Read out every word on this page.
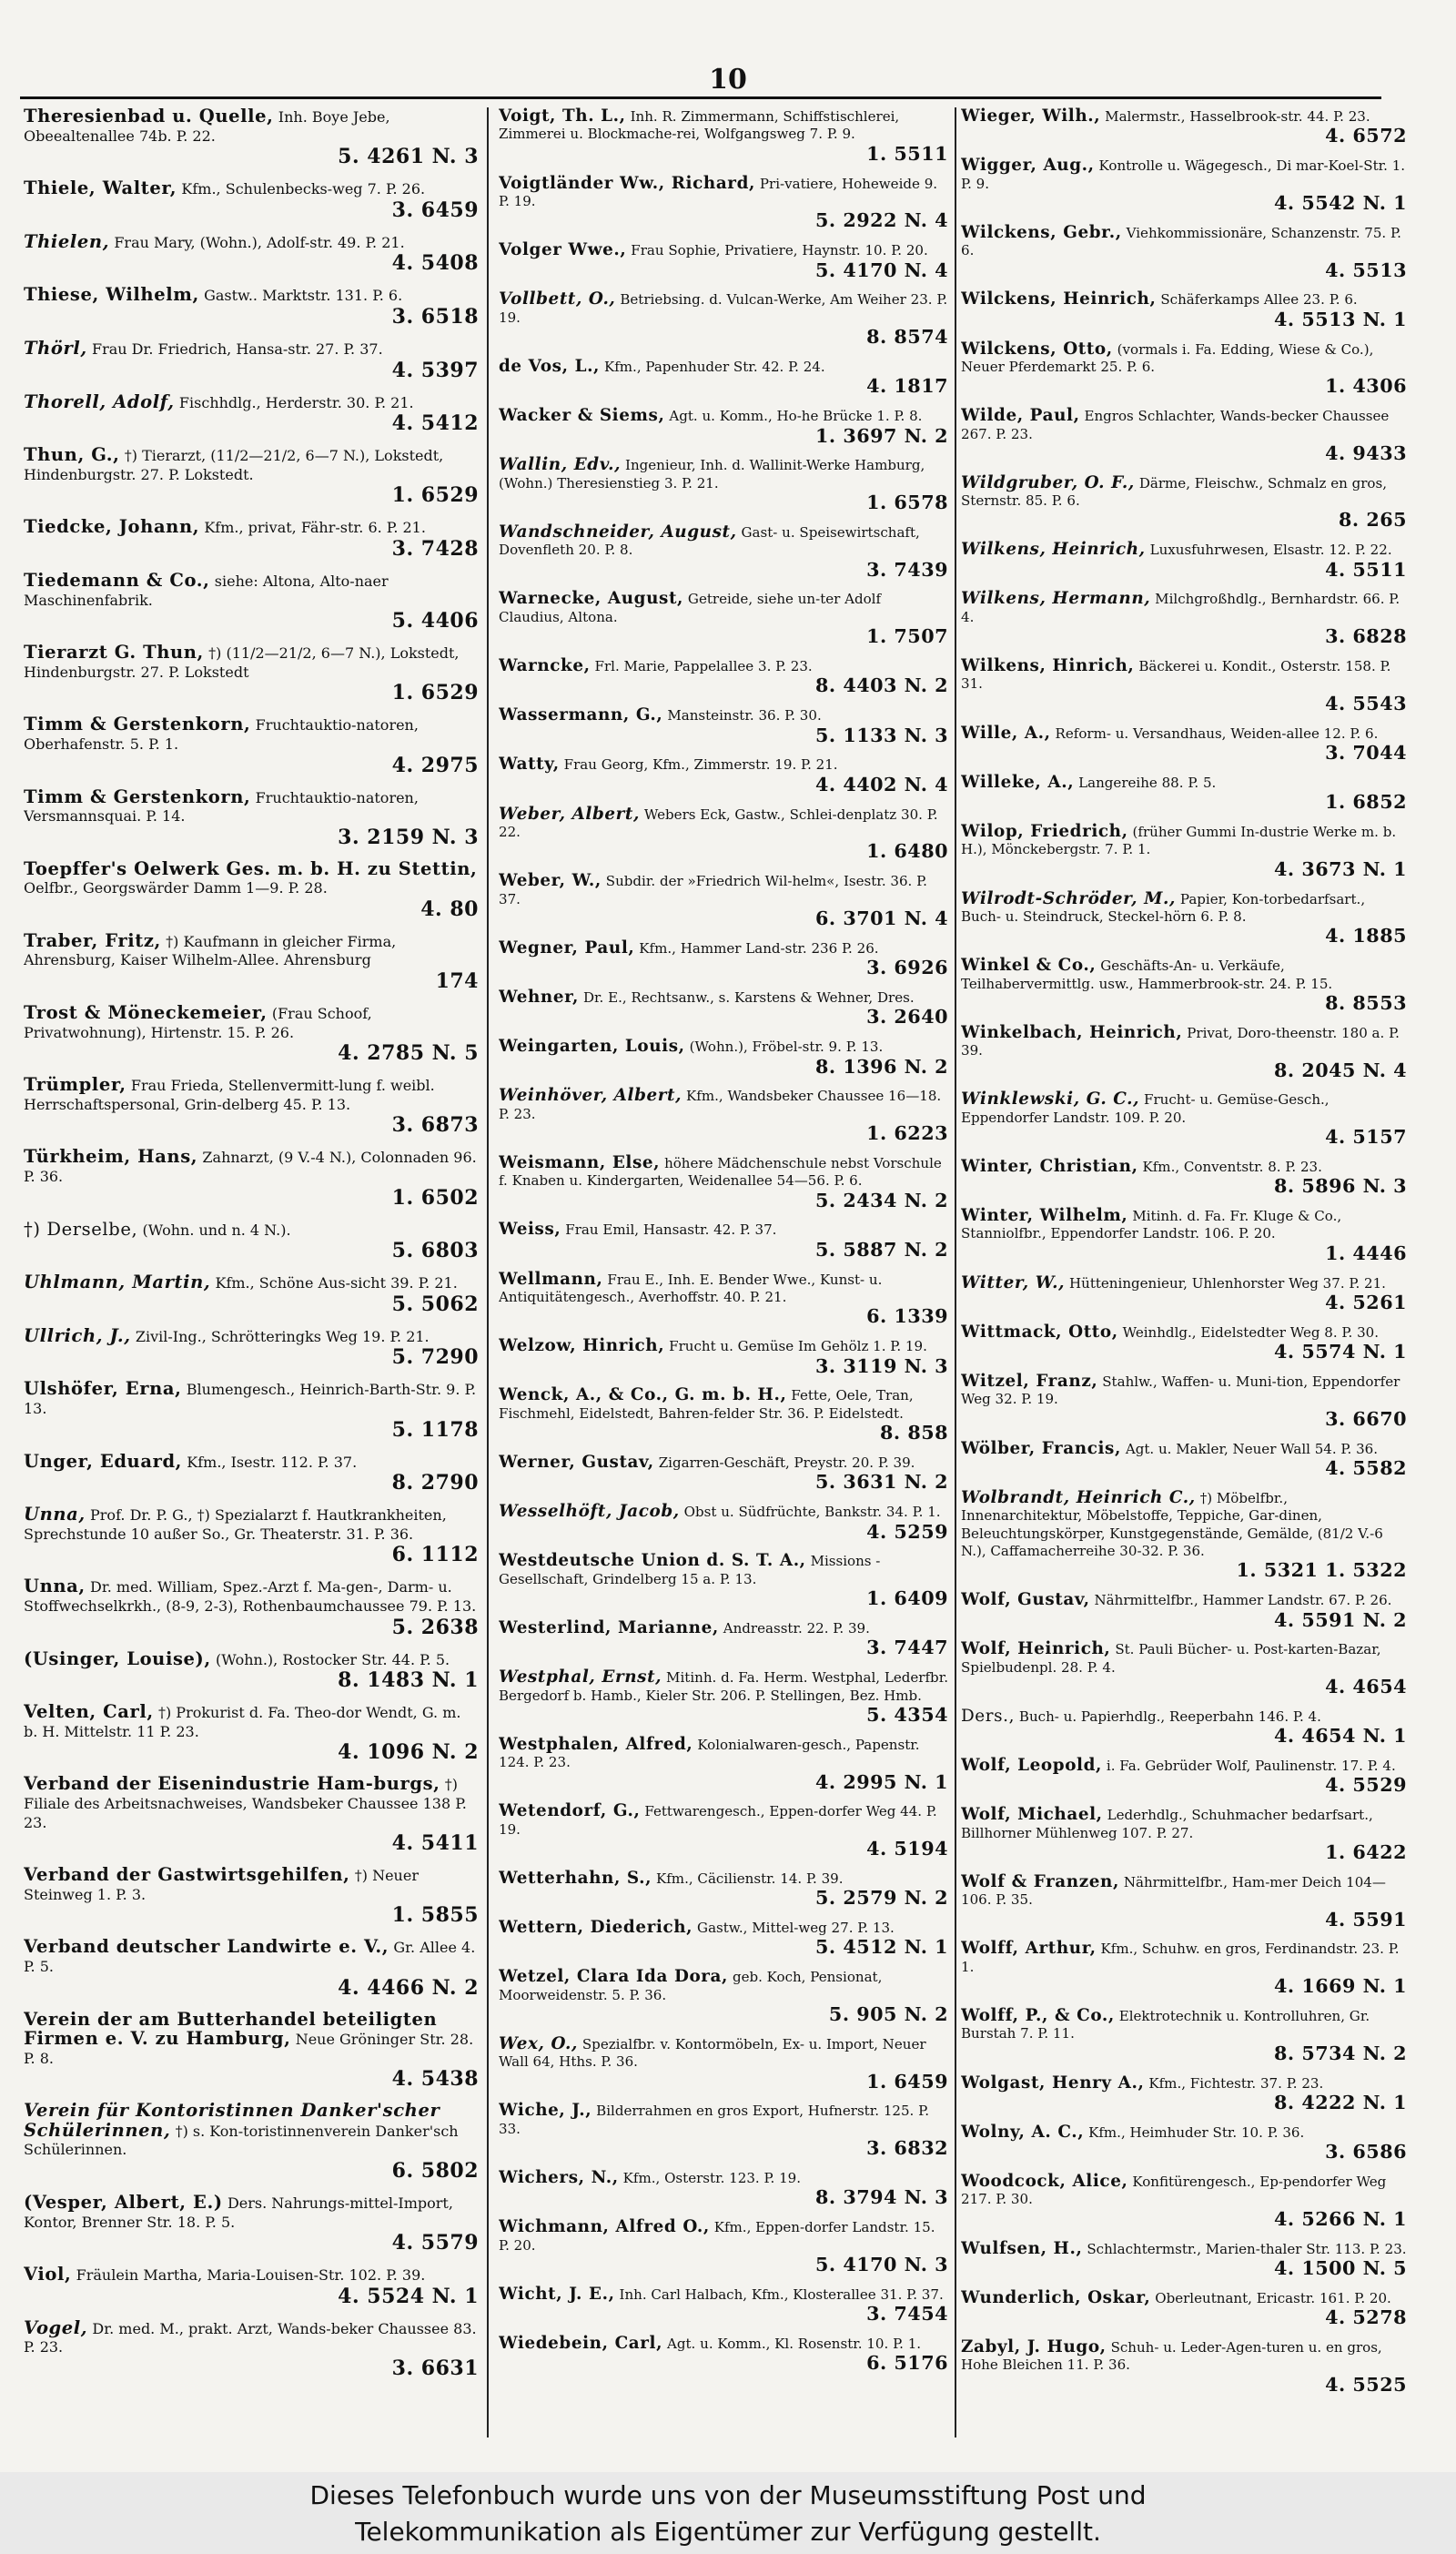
10
Theresienbad u. Quelle, Inh. Boye Jebe, Obeealtenallee 74b. P. 22.
5. 4261 N. 3
Thiele, Walter, Kfm., Schulenbecks-weg 7. P. 26.
3. 6459
Thielen, Frau Mary, (Wohn.), Adolf-str. 49. P. 21.
4. 5408
Thiese, Wilhelm, Gastw.. Marktstr. 131. P. 6.
3. 6518
Thörl, Frau Dr. Friedrich, Hansa-str. 27. P. 37.
4. 5397
Thorell, Adolf, Fischhdlg., Herderstr. 30. P. 21.
4. 5412
Thun, G., †) Tierarzt, (11/2—21/2, 6—7 N.), Lokstedt, Hindenburgstr. 27. P. Lokstedt.
1. 6529
Tiedcke, Johann, Kfm., privat, Fähr-str. 6. P. 21.
3. 7428
Tiedemann & Co., siehe: Altona, Alto-naer Maschinenfabrik.
5. 4406
Tierarzt G. Thun, †) (11/2—21/2, 6—7 N.), Lokstedt, Hindenburgstr. 27. P. Lokstedt
1. 6529
Timm & Gerstenkorn, Fruchtauktio-natoren, Oberhafenstr. 5. P. 1.
4. 2975
Timm & Gerstenkorn, Fruchtauktio-natoren, Versmannsquai. P. 14.
3. 2159 N. 3
Toepffer's Oelwerk Ges. m. b. H. zu Stettin, Oelfbr., Georgswärder Damm 1—9. P. 28.
4. 80
Traber, Fritz, †) Kaufmann in gleicher Firma, Ahrensburg, Kaiser Wilhelm-Allee. Ahrensburg
174
Trost & Möneckemeier, (Frau Schoof, Privatwohnung), Hirtenstr. 15. P. 26.
4. 2785 N. 5
Trümpler, Frau Frieda, Stellenvermitt-lung f. weibl. Herrschaftspersonal, Grin-delberg 45. P. 13.
3. 6873
Türkheim, Hans, Zahnarzt, (9 V.-4 N.), Colonnaden 96. P. 36.
1. 6502
†) Derselbe, (Wohn. und n. 4 N.).
5. 6803
Uhlmann, Martin, Kfm., Schöne Aus-sicht 39. P. 21.
5. 5062
Ullrich, J., Zivil-Ing., Schrötteringks Weg 19. P. 21.
5. 7290
Ulshöfer, Erna, Blumengesch., Heinrich-Barth-Str. 9. P. 13.
5. 1178
Unger, Eduard, Kfm., Isestr. 112. P. 37.
8. 2790
Unna, Prof. Dr. P. G., †) Spezialarzt f. Hautkrankheiten, Sprechstunde 10 außer So., Gr. Theaterstr. 31. P. 36.
6. 1112
Unna, Dr. med. William, Spez.-Arzt f. Ma-gen-, Darm- u. Stoffwechselkrkh., (8-9, 2-3), Rothenbaumchaussee 79. P. 13.
5. 2638
(Usinger, Louise), (Wohn.), Rostocker Str. 44. P. 5.
8. 1483 N. 1
Velten, Carl, †) Prokurist d. Fa. Theo-dor Wendt, G. m. b. H. Mittelstr. 11 P. 23.
4. 1096 N. 2
Verband der Eisenindustrie Ham-burgs, †) Filiale des Arbeitsnachweises, Wandsbeker Chaussee 138 P. 23.
4. 5411
Verband der Gastwirtsgehilfen, †) Neuer Steinweg 1. P. 3.
1. 5855
Verband deutscher Landwirte e. V., Gr. Allee 4. P. 5.
4. 4466 N. 2
Verein der am Butterhandel beteiligten Firmen e. V. zu Hamburg, Neue Gröninger Str. 28. P. 8.
4. 5438
Verein für Kontoristinnen Danker'scher Schülerinnen, †) s. Kon-toristinnenverein Danker'sch Schülerinnen.
6. 5802
(Vesper, Albert, E.) Ders. Nahrungs-mittel-Import, Kontor, Brenner Str. 18. P. 5.
4. 5579
Viol, Fräulein Martha, Maria-Louisen-Str. 102. P. 39.
4. 5524 N. 1
Vogel, Dr. med. M., prakt. Arzt, Wands-beker Chaussee 83. P. 23.
3. 6631
Voigt, Th. L., Inh. R. Zimmermann, Schiffstischlerei, Zimmerei u. Blockmache-rei, Wolfgangsweg 7. P. 9.
1. 5511
Voigtländer Ww., Richard, Pri-vatiere, Hoheweide 9. P. 19.
5. 2922 N. 4
Volger Wwe., Frau Sophie, Privatiere, Haynstr. 10. P. 20.
5. 4170 N. 4
Vollbett, O., Betriebsing. d. Vulcan-Werke, Am Weiher 23. P. 19.
8. 8574
de Vos, L., Kfm., Papenhuder Str. 42. P. 24.
4. 1817
Wacker & Siems, Agt. u. Komm., Ho-he Brücke 1. P. 8.
1. 3697 N. 2
Wallin, Edv., Ingenieur, Inh. d. Wallinit-Werke Hamburg, (Wohn.) Theresienstieg 3. P. 21.
1. 6578
Wandschneider, August, Gast- u. Speisewirtschaft, Dovenfleth 20. P. 8.
3. 7439
Warnecke, August, Getreide, siehe un-ter Adolf Claudius, Altona.
1. 7507
Warncke, Frl. Marie, Pappelallee 3. P. 23.
8. 4403 N. 2
Wassermann, G., Mansteinstr. 36. P. 30.
5. 1133 N. 3
Watty, Frau Georg, Kfm., Zimmerstr. 19. P. 21.
4. 4402 N. 4
Weber, Albert, Webers Eck, Gastw., Schlei-denplatz 30. P. 22.
1. 6480
Weber, W., Subdir. der »Friedrich Wil-helm«, Isestr. 36. P. 37.
6. 3701 N. 4
Wegner, Paul, Kfm., Hammer Land-str. 236 P. 26.
3. 6926
Wehner, Dr. E., Rechtsanw., s. Karstens & Wehner, Dres.
3. 2640
Weingarten, Louis, (Wohn.), Fröbel-str. 9. P. 13.
8. 1396 N. 2
Weinhöver, Albert, Kfm., Wandsbeker Chaussee 16—18. P. 23.
1. 6223
Weismann, Else, höhere Mädchenschule nebst Vorschule f. Knaben u. Kindergarten, Weidenallee 54—56. P. 6.
5. 2434 N. 2
Weiss, Frau Emil, Hansastr. 42. P. 37.
5. 5887 N. 2
Wellmann, Frau E., Inh. E. Bender Wwe., Kunst- u. Antiquitätengesch., Averhoffstr. 40. P. 21.
6. 1339
Welzow, Hinrich, Frucht u. Gemüse Im Gehölz 1. P. 19.
3. 3119 N. 3
Wenck, A., & Co., G. m. b. H., Fette, Oele, Tran, Fischmehl, Eidelstedt, Bahren-felder Str. 36. P. Eidelstedt.
8. 858
Werner, Gustav, Zigarren-Geschäft, Preystr. 20. P. 39.
5. 3631 N. 2
Wesselhöft, Jacob, Obst u. Südfrüchte, Bankstr. 34. P. 1.
4. 5259
Westdeutsche Union d. S. T. A., Missions - Gesellschaft, Grindelberg 15 a. P. 13.
1. 6409
Westerlind, Marianne, Andreasstr. 22. P. 39.
3. 7447
Westphal, Ernst, Mitinh. d. Fa. Herm. Westphal, Lederfbr. Bergedorf b. Hamb., Kieler Str. 206. P. Stellingen, Bez. Hmb.
5. 4354
Westphalen, Alfred, Kolonialwaren-gesch., Papenstr. 124. P. 23.
4. 2995 N. 1
Wetendorf, G., Fettwarengesch., Eppen-dorfer Weg 44. P. 19.
4. 5194
Wetterhahn, S., Kfm., Cäcilienstr. 14. P. 39.
5. 2579 N. 2
Wettern, Diederich, Gastw., Mittel-weg 27. P. 13.
5. 4512 N. 1
Wetzel, Clara Ida Dora, geb. Koch, Pensionat, Moorweidenstr. 5. P. 36.
5. 905 N. 2
Wex, O., Spezialfbr. v. Kontormöbeln, Ex- u. Import, Neuer Wall 64, Hths. P. 36.
1. 6459
Wiche, J., Bilderrahmen en gros Export, Hufnerstr. 125. P. 33.
3. 6832
Wichers, N., Kfm., Osterstr. 123. P. 19.
8. 3794 N. 3
Wichmann, Alfred O., Kfm., Eppen-dorfer Landstr. 15. P. 20.
5. 4170 N. 3
Wicht, J. E., Inh. Carl Halbach, Kfm., Klosterallee 31. P. 37.
3. 7454
Wiedebein, Carl, Agt. u. Komm., Kl. Rosenstr. 10. P. 1.
6. 5176
Wieger, Wilh., Malermstr., Hasselbrook-str. 44. P. 23.
4. 6572
Wigger, Aug., Kontrolle u. Wägegesch., Di mar-Koel-Str. 1. P. 9.
4. 5542 N. 1
Wilckens, Gebr., Viehkommissionäre, Schanzenstr. 75. P. 6.
4. 5513
Wilckens, Heinrich, Schäferkamps Allee 23. P. 6.
4. 5513 N. 1
Wilckens, Otto, (vormals i. Fa. Edding, Wiese & Co.), Neuer Pferdemarkt 25. P. 6.
1. 4306
Wilde, Paul, Engros Schlachter, Wands-becker Chaussee 267. P. 23.
4. 9433
Wildgruber, O. F., Därme, Fleischw., Schmalz en gros, Sternstr. 85. P. 6.
8. 265
Wilkens, Heinrich, Luxusfuhrwesen, Elsastr. 12. P. 22.
4. 5511
Wilkens, Hermann, Milchgroßhdlg., Bernhardstr. 66. P. 4.
3. 6828
Wilkens, Hinrich, Bäckerei u. Kondit., Osterstr. 158. P. 31.
4. 5543
Wille, A., Reform- u. Versandhaus, Weiden-allee 12. P. 6.
3. 7044
Willeke, A., Langereihe 88. P. 5.
1. 6852
Wilop, Friedrich, (früher Gummi In-dustrie Werke m. b. H.), Mönckebergstr. 7. P. 1.
4. 3673 N. 1
Wilrodt-Schröder, M., Papier, Kon-torbedarfsart., Buch- u. Steindruck, Steckel-hörn 6. P. 8.
4. 1885
Winkel & Co., Geschäfts-An- u. Verkäufe, Teilhabervermittlg. usw., Hammerbrook-str. 24. P. 15.
8. 8553
Winkelbach, Heinrich, Privat, Doro-theenstr. 180 a. P. 39.
8. 2045 N. 4
Winklewski, G. C., Frucht- u. Gemüse-Gesch., Eppendorfer Landstr. 109. P. 20.
4. 5157
Winter, Christian, Kfm., Conventstr. 8. P. 23.
8. 5896 N. 3
Winter, Wilhelm, Mitinh. d. Fa. Fr. Kluge & Co., Stanniolfbr., Eppendorfer Landstr. 106. P. 20.
1. 4446
Witter, W., Hütteningenieur, Uhlenhorster Weg 37. P. 21.
4. 5261
Wittmack, Otto, Weinhdlg., Eidelstedter Weg 8. P. 30.
4. 5574 N. 1
Witzel, Franz, Stahlw., Waffen- u. Muni-tion, Eppendorfer Weg 32. P. 19.
3. 6670
Wölber, Francis, Agt. u. Makler, Neuer Wall 54. P. 36.
4. 5582
Wolbrandt, Heinrich C., †) Möbelfbr., Innenarchitektur, Möbelstoffe, Teppiche, Gar-dinen, Beleuchtungskörper, Kunstgegenstände, Gemälde, (81/2 V.-6 N.), Caffamacherreihe 30-32. P. 36.
1. 5321 1. 5322
Wolf, Gustav, Nährmittelfbr., Hammer Landstr. 67. P. 26.
4. 5591 N. 2
Wolf, Heinrich, St. Pauli Bücher- u. Post-karten-Bazar, Spielbudenpl. 28. P. 4.
4. 4654
Ders., Buch- u. Papierhdlg., Reeperbahn 146. P. 4.
4. 4654 N. 1
Wolf, Leopold, i. Fa. Gebrüder Wolf, Paulinenstr. 17. P. 4.
4. 5529
Wolf, Michael, Lederhdlg., Schuhmacher bedarfsart., Billhorner Mühlenweg 107. P. 27.
1. 6422
Wolf & Franzen, Nährmittelfbr., Ham-mer Deich 104—106. P. 35.
4. 5591
Wolff, Arthur, Kfm., Schuhw. en gros, Ferdinandstr. 23. P. 1.
4. 1669 N. 1
Wolff, P., & Co., Elektrotechnik u. Kontrolluhren, Gr. Burstah 7. P. 11.
8. 5734 N. 2
Wolgast, Henry A., Kfm., Fichtestr. 37. P. 23.
8. 4222 N. 1
Wolny, A. C., Kfm., Heimhuder Str. 10. P. 36.
3. 6586
Woodcock, Alice, Konfitürengesch., Ep-pendorfer Weg 217. P. 30.
4. 5266 N. 1
Wulfsen, H., Schlachtermstr., Marien-thaler Str. 113. P. 23.
4. 1500 N. 5
Wunderlich, Oskar, Oberleutnant, Ericastr. 161. P. 20.
4. 5278
Zabyl, J. Hugo, Schuh- u. Leder-Agen-turen u. en gros, Hohe Bleichen 11. P. 36.
4. 5525
Dieses Telefonbuch wurde uns von der Museumsstiftung Post und
Telekommunikation als Eigentümer zur Verfügung gestellt.
